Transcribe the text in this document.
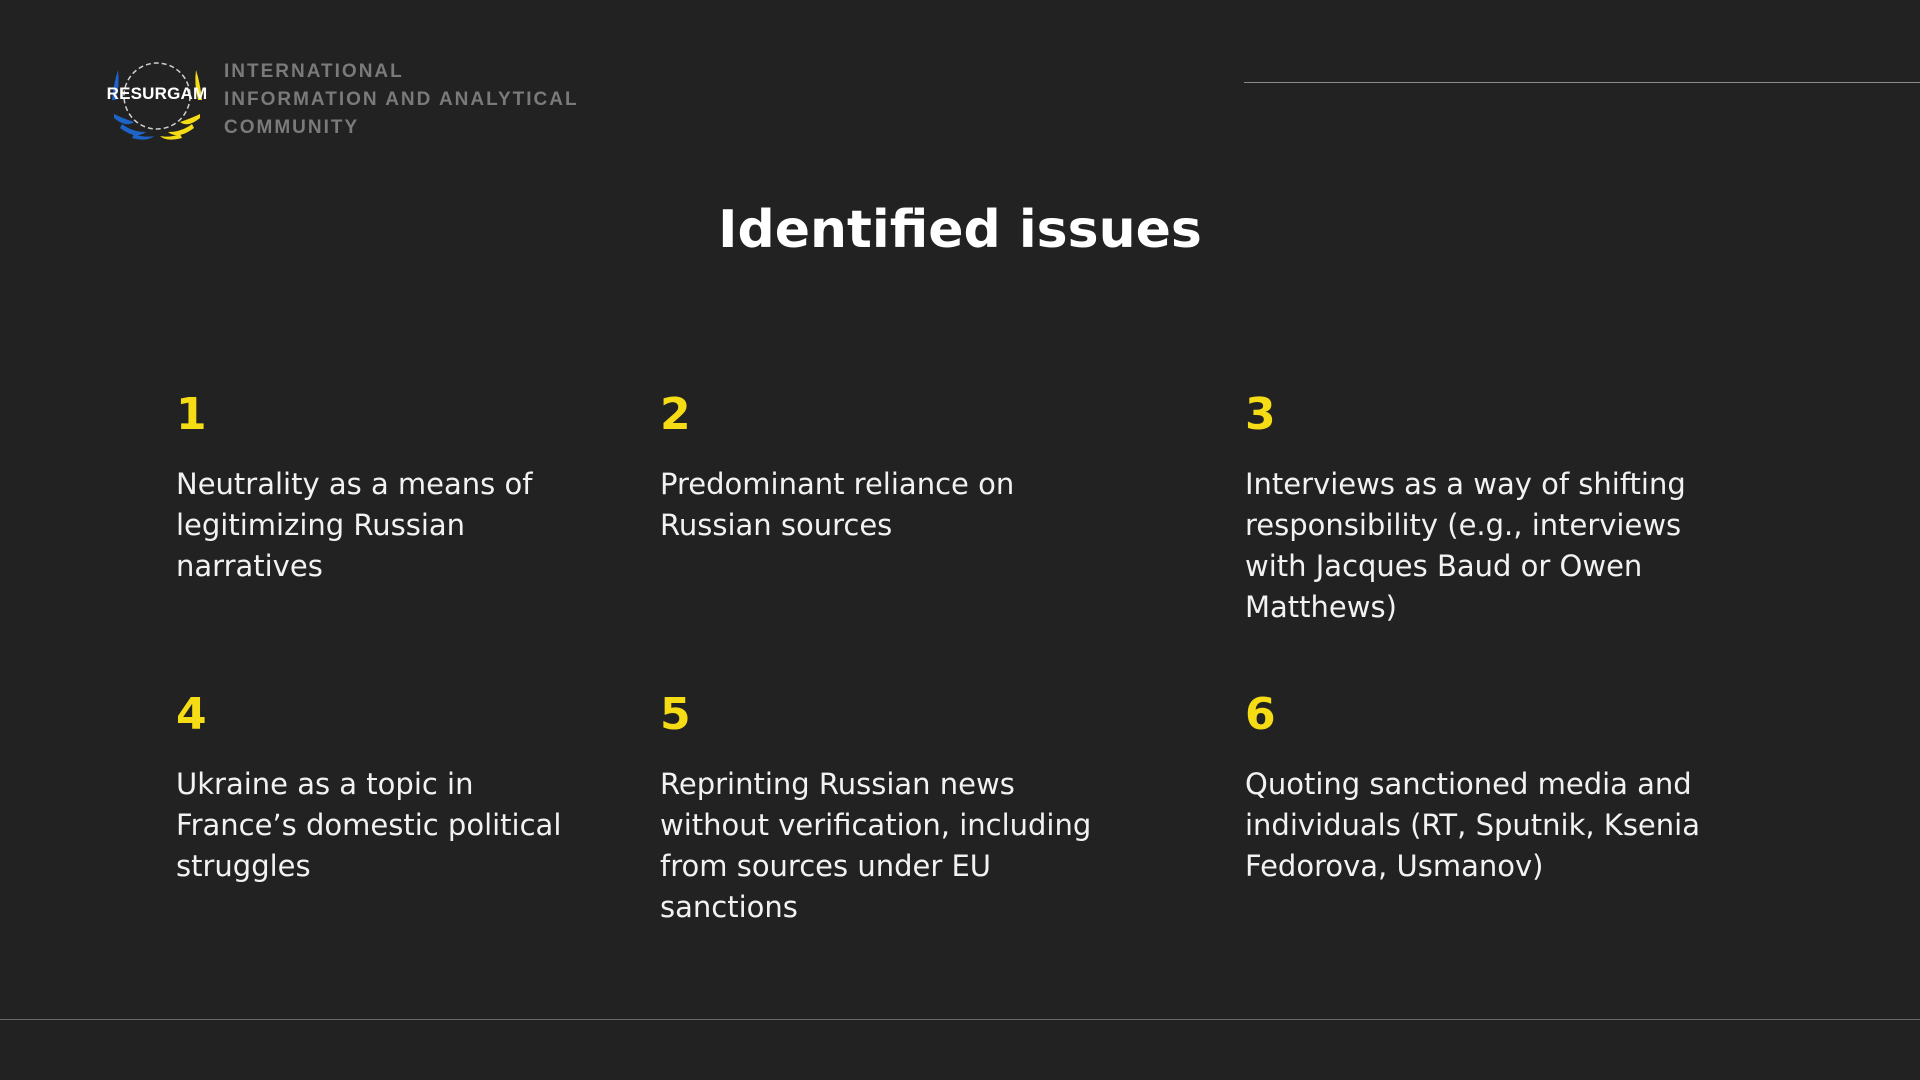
RESURGAM
INTERNATIONAL
INFORMATION AND ANALYTICAL
COMMUNITY
Identified issues
1
Neutrality as a means of legitimizing Russian narratives
2
Predominant reliance on Russian sources
3
Interviews as a way of shifting responsibility (e.g., interviews with Jacques Baud or Owen Matthews)
4
Ukraine as a topic in France’s domestic political struggles
5
Reprinting Russian news without verification, including from sources under EU sanctions
6
Quoting sanctioned media and individuals (RT, Sputnik, Ksenia Fedorova, Usmanov)
